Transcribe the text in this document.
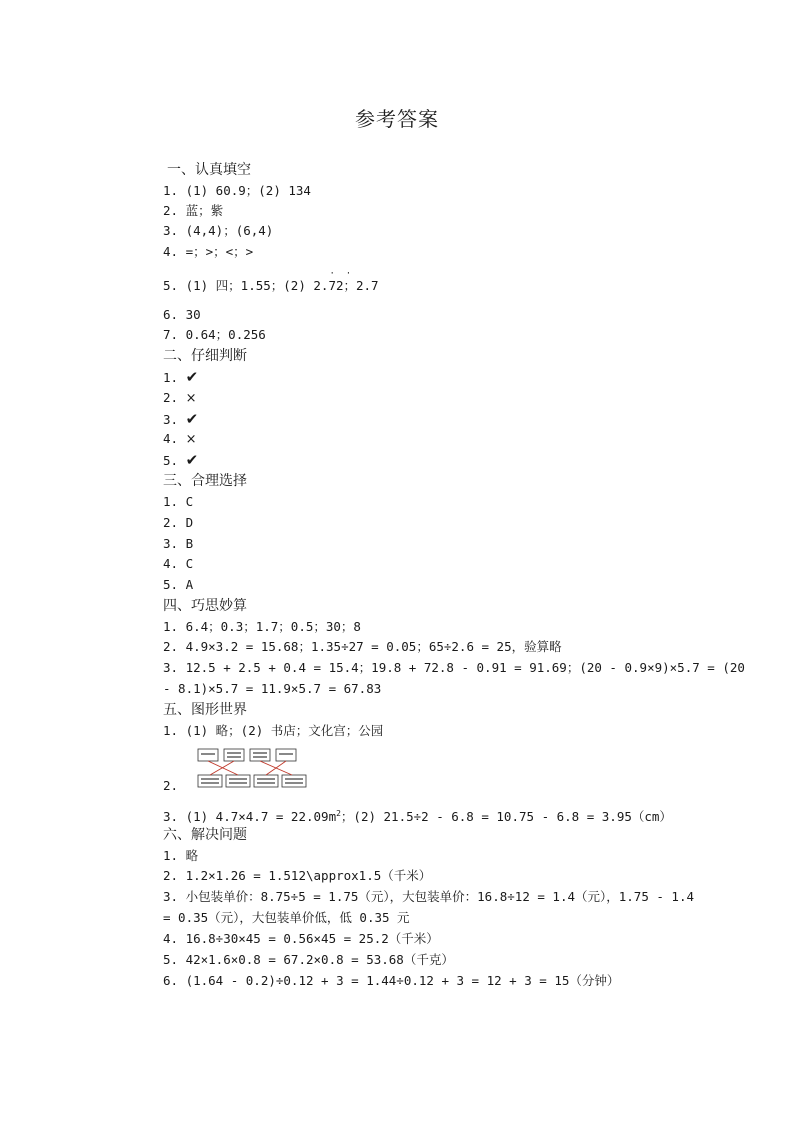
参考答案
一、认真填空
1. (1) 60.9；(2) 134
2. 蓝；紫
3. (4,4)；(6,4)
4. =；>；<；>
5. (1) 四；1.55；(2) 2.· · 72；2.7
6. 30
7. 0.64；0.256
二、仔细判断
1. ✔
2. ×
3. ✔
4. ×
5. ✔
三、合理选择
1. C
2. D
3. B
4. C
5. A
四、巧思妙算
1. 6.4；0.3；1.7；0.5；30；8
2. 4.9×3.2 = 15.68；1.35÷27 = 0.05；65÷2.6 = 25，验算略
3. 12.5 + 2.5 + 0.4 = 15.4；19.8 + 72.8 - 0.91 = 91.69；(20 - 0.9×9)×5.7 = (20
- 8.1)×5.7 = 11.9×5.7 = 67.83
五、图形世界
1. (1) 略；(2) 书店；文化宫；公园
2.
3. (1) $4.7\times 4.7 = 22.09m^2$；(2) 21.5÷2 - 6.8 = 10.75 - 6.8 = 3.95（cm）
六、解决问题
1. 略
2. 1.2×1.26 = 1.512\approx1.5（千米）
3. 小包装单价：8.75÷5 = 1.75（元），大包装单价：16.8÷12 = 1.4（元），1.75 - 1.4
= 0.35（元），大包装单价低，低 0.35 元
4. 16.8÷30×45 = 0.56×45 = 25.2（千米）
5. 42×1.6×0.8 = 67.2×0.8 = 53.68（千克）
6. (1.64 - 0.2)÷0.12 + 3 = 1.44÷0.12 + 3 = 12 + 3 = 15（分钟）
